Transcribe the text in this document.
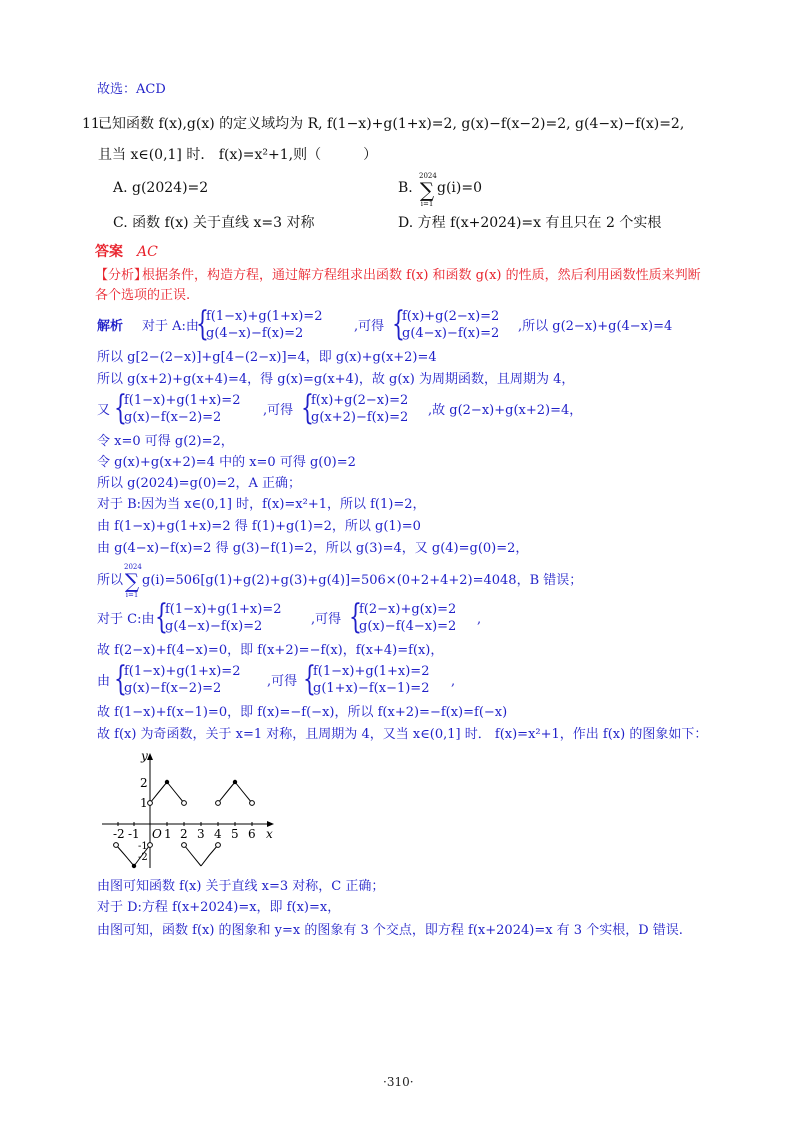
故选：ACD
11.
已知函数 f(x),g(x) 的定义域均为 R, f(1−x)+g(1+x)=2, g(x)−f(x−2)=2, g(4−x)−f(x)=2,
且当 x∈(0,1] 时． f(x)=x²+1,则（　　　）
A. g(2024)=2	B.
2024
∑
i=1
g(i)=0
C. 函数 f(x) 关于直线 x=3 对称	D. 方程 f(x+2024)=x 有且只在 2 个实根
答案 AC
【分析】
根据条件，构造方程，通过解方程组求出函数 f(x) 和函数 g(x) 的性质，然后利用函数性质来判断
各个选项的正误.
解析 对于 A:由
{
f(1−x)+g(1+x)=2
g(4−x)−f(x)=2	,可得 {
f(x)+g(2−x)=2
g(4−x)−f(x)=2 ,所以 g(2−x)+g(4−x)=4
所以 g[2−(2−x)]+g[4−(2−x)]=4，即 g(x)+g(x+2)=4
所以 g(x+2)+g(x+4)=4，得 g(x)=g(x+4)，故 g(x) 为周期函数，且周期为 4，
又 {
f(1−x)+g(1+x)=2
g(x)−f(x−2)=2	,可得 {
f(x)+g(2−x)=2
g(x+2)−f(x)=2 ,故 g(2−x)+g(x+2)=4，
令 x=0 可得 g(2)=2，
令 g(x)+g(x+2)=4 中的 x=0 可得 g(0)=2
所以 g(2024)=g(0)=2，A 正确；
对于 B:因为当 x∈(0,1] 时，f(x)=x²+1，所以 f(1)=2，
由 f(1−x)+g(1+x)=2 得 f(1)+g(1)=2，所以 g(1)=0
由 g(4−x)−f(x)=2 得 g(3)−f(1)=2，所以 g(3)=4，又 g(4)=g(0)=2，
所以
2024
∑
i=1
g(i)=506[g(1)+g(2)+g(3)+g(4)]=506×(0+2+4+2)=4048，B 错误；
对于 C:由 {
f(1−x)+g(1+x)=2
g(4−x)−f(x)=2	,可得 {
f(2−x)+g(x)=2
g(x)−f(4−x)=2 ,
故 f(2−x)+f(4−x)=0，即 f(x+2)=−f(x)，f(x+4)=f(x)，
由 {
f(1−x)+g(1+x)=2
g(x)−f(x−2)=2	,可得 {
f(1−x)+g(1+x)=2
g(1+x)−f(x−1)=2 ,
故 f(1−x)+f(x−1)=0，即 f(x)=−f(−x)，所以 f(x+2)=−f(x)=f(−x)
故 f(x) 为奇函数，关于 x=1 对称，且周期为 4，又当 x∈(0,1] 时． f(x)=x²+1，作出 f(x) 的图象如下：
y
x
O
-2 -1 1 2 3 4 5 6
2
1
-1
-2
由图可知函数 f(x) 关于直线 x=3 对称，C 正确；
对于 D:方程 f(x+2024)=x，即 f(x)=x，
由图可知，函数 f(x) 的图象和 y=x 的图象有 3 个交点，即方程 f(x+2024)=x 有 3 个实根，D 错误.
·310·
